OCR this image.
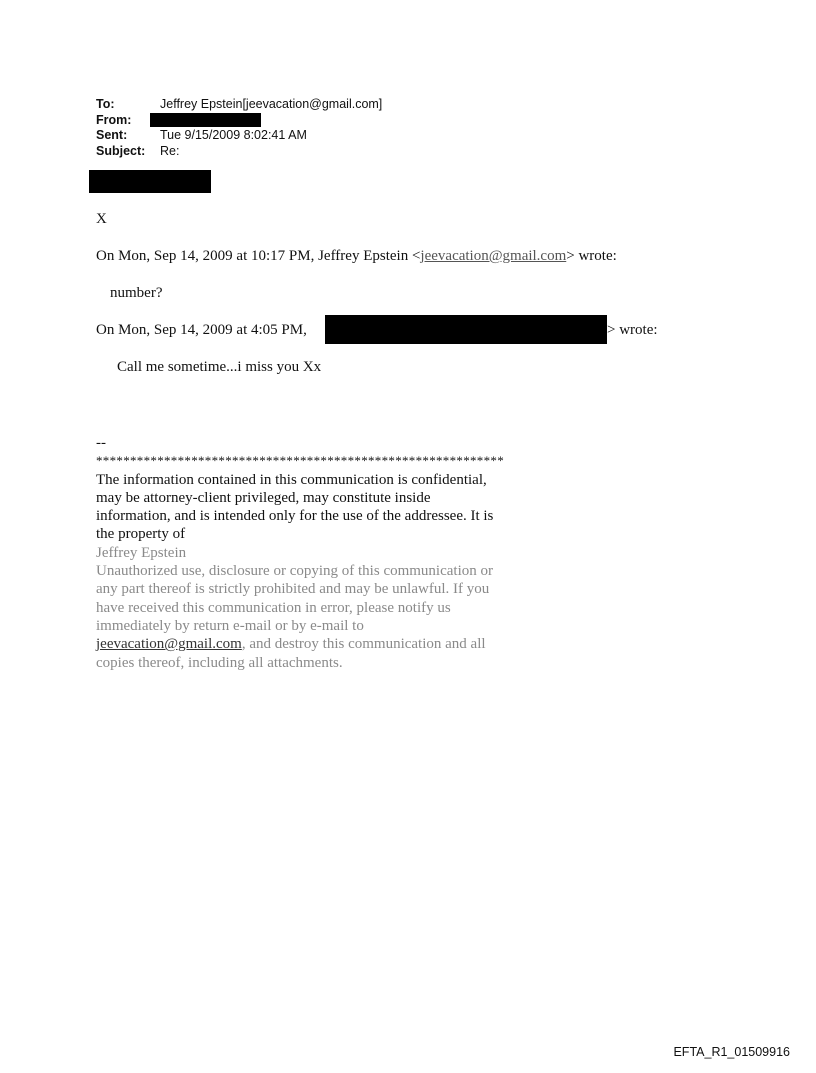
To:	Jeffrey Epstein[jeevacation@gmail.com]
From:
Sent:	Tue 9/15/2009 8:02:41 AM
Subject:	Re:
X
On Mon, Sep 14, 2009 at 10:17 PM, Jeffrey Epstein <jeevacation@gmail.com> wrote:
number?
On Mon, Sep 14, 2009 at 4:05 PM,	> wrote:
Call me sometime...i miss you Xx
--
************************************************************
The information contained in this communication is confidential, may be attorney-client privileged, may constitute inside information, and is intended only for the use of the addressee. It is the property of
Jeffrey Epstein
Unauthorized use, disclosure or copying of this communication or any part thereof is strictly prohibited and may be unlawful. If you have received this communication in error, please notify us immediately by return e-mail or by e-mail to jeevacation@gmail.com, and destroy this communication and all copies thereof, including all attachments.
EFTA_R1_01509916
